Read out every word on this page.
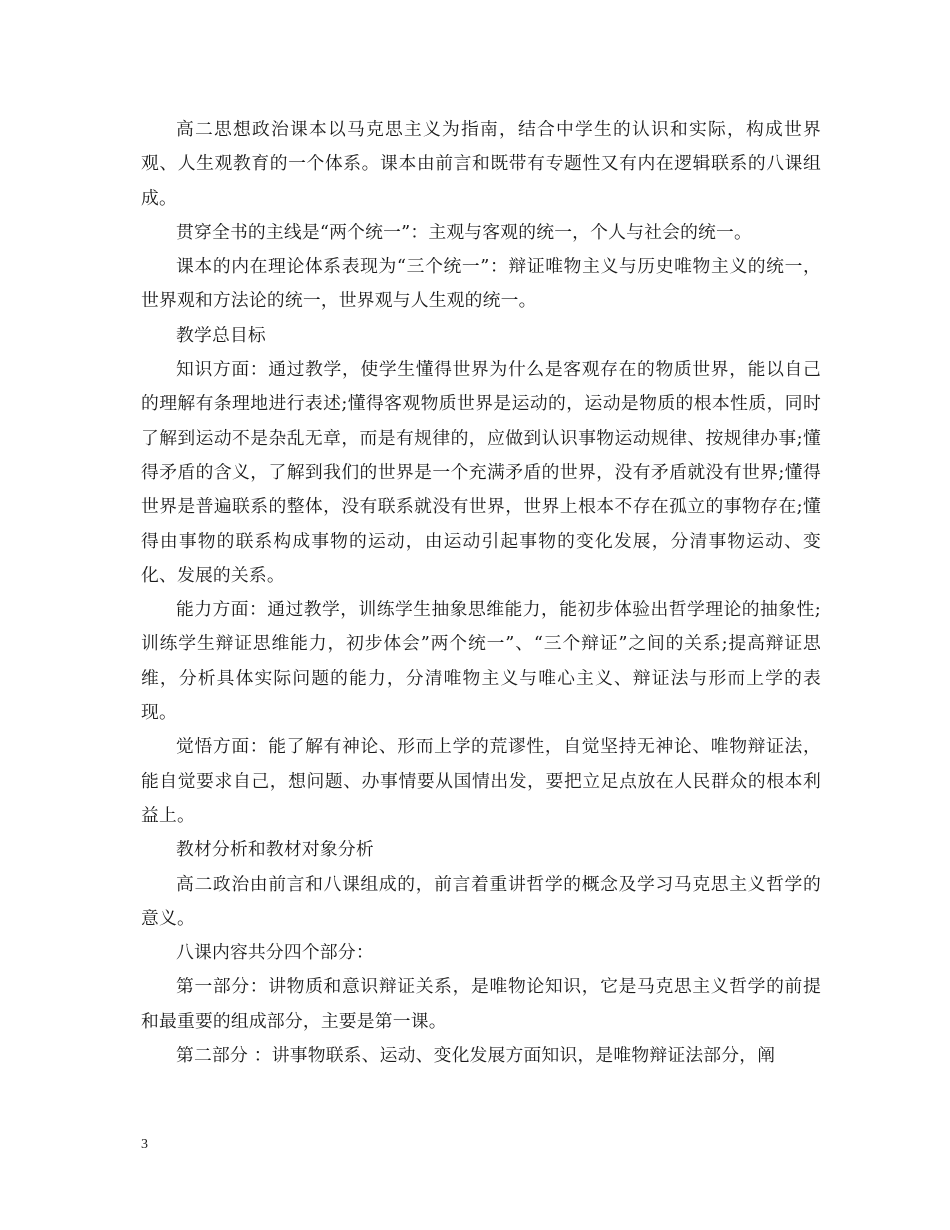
高二思想政治课本以马克思主义为指南，结合中学生的认识和实际，构成世界观、人生观教育的一个体系。课本由前言和既带有专题性又有内在逻辑联系的八课组成。

贯穿全书的主线是“两个统一”：主观与客观的统一，个人与社会的统一。

课本的内在理论体系表现为“三个统一”：辩证唯物主义与历史唯物主义的统一，世界观和方法论的统一，世界观与人生观的统一。

教学总目标

知识方面：通过教学，使学生懂得世界为什么是客观存在的物质世界，能以自己的理解有条理地进行表述;懂得客观物质世界是运动的，运动是物质的根本性质，同时了解到运动不是杂乱无章，而是有规律的，应做到认识事物运动规律、按规律办事;懂得矛盾的含义，了解到我们的世界是一个充满矛盾的世界，没有矛盾就没有世界;懂得世界是普遍联系的整体，没有联系就没有世界，世界上根本不存在孤立的事物存在;懂得由事物的联系构成事物的运动，由运动引起事物的变化发展，分清事物运动、变化、发展的关系。

能力方面：通过教学，训练学生抽象思维能力，能初步体验出哲学理论的抽象性;训练学生辩证思维能力，初步体会”两个统一”、“三个辩证”之间的关系;提高辩证思维，分析具体实际问题的能力，分清唯物主义与唯心主义、辩证法与形而上学的表现。

觉悟方面：能了解有神论、形而上学的荒谬性，自觉坚持无神论、唯物辩证法，能自觉要求自己，想问题、办事情要从国情出发，要把立足点放在人民群众的根本利益上。

教材分析和教材对象分析

高二政治由前言和八课组成的，前言着重讲哲学的概念及学习马克思主义哲学的意义。

八课内容共分四个部分：

第一部分：讲物质和意识辩证关系，是唯物论知识，它是马克思主义哲学的前提和最重要的组成部分，主要是第一课。

第二部分 ：讲事物联系、运动、变化发展方面知识，是唯物辩证法部分，阐

3
